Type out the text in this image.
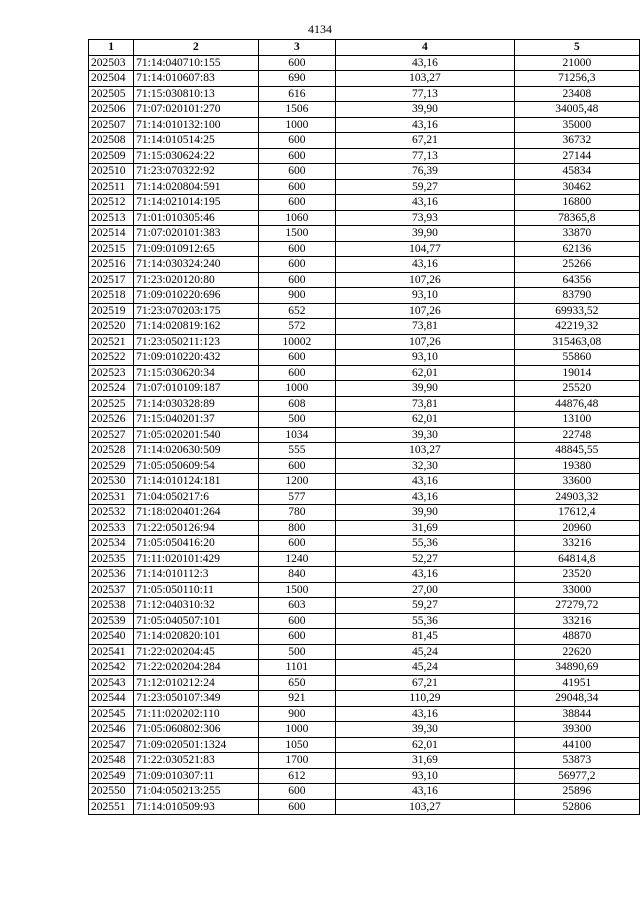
4134
1	2	3	4	5
202503	71:14:040710:155	600	43,16	21000
202504	71:14:010607:83	690	103,27	71256,3
202505	71:15:030810:13	616	77,13	23408
202506	71:07:020101:270	1506	39,90	34005,48
202507	71:14:010132:100	1000	43,16	35000
202508	71:14:010514:25	600	67,21	36732
202509	71:15:030624:22	600	77,13	27144
202510	71:23:070322:92	600	76,39	45834
202511	71:14:020804:591	600	59,27	30462
202512	71:14:021014:195	600	43,16	16800
202513	71:01:010305:46	1060	73,93	78365,8
202514	71:07:020101:383	1500	39,90	33870
202515	71:09:010912:65	600	104,77	62136
202516	71:14:030324:240	600	43,16	25266
202517	71:23:020120:80	600	107,26	64356
202518	71:09:010220:696	900	93,10	83790
202519	71:23:070203:175	652	107,26	69933,52
202520	71:14:020819:162	572	73,81	42219,32
202521	71:23:050211:123	10002	107,26	315463,08
202522	71:09:010220:432	600	93,10	55860
202523	71:15:030620:34	600	62,01	19014
202524	71:07:010109:187	1000	39,90	25520
202525	71:14:030328:89	608	73,81	44876,48
202526	71:15:040201:37	500	62,01	13100
202527	71:05:020201:540	1034	39,30	22748
202528	71:14:020630:509	555	103,27	48845,55
202529	71:05:050609:54	600	32,30	19380
202530	71:14:010124:181	1200	43,16	33600
202531	71:04:050217:6	577	43,16	24903,32
202532	71:18:020401:264	780	39,90	17612,4
202533	71:22:050126:94	800	31,69	20960
202534	71:05:050416:20	600	55,36	33216
202535	71:11:020101:429	1240	52,27	64814,8
202536	71:14:010112:3	840	43,16	23520
202537	71:05:050110:11	1500	27,00	33000
202538	71:12:040310:32	603	59,27	27279,72
202539	71:05:040507:101	600	55,36	33216
202540	71:14:020820:101	600	81,45	48870
202541	71:22:020204:45	500	45,24	22620
202542	71:22:020204:284	1101	45,24	34890,69
202543	71:12:010212:24	650	67,21	41951
202544	71:23:050107:349	921	110,29	29048,34
202545	71:11:020202:110	900	43,16	38844
202546	71:05:060802:306	1000	39,30	39300
202547	71:09:020501:1324	1050	62,01	44100
202548	71:22:030521:83	1700	31,69	53873
202549	71:09:010307:11	612	93,10	56977,2
202550	71:04:050213:255	600	43,16	25896
202551	71:14:010509:93	600	103,27	52806
